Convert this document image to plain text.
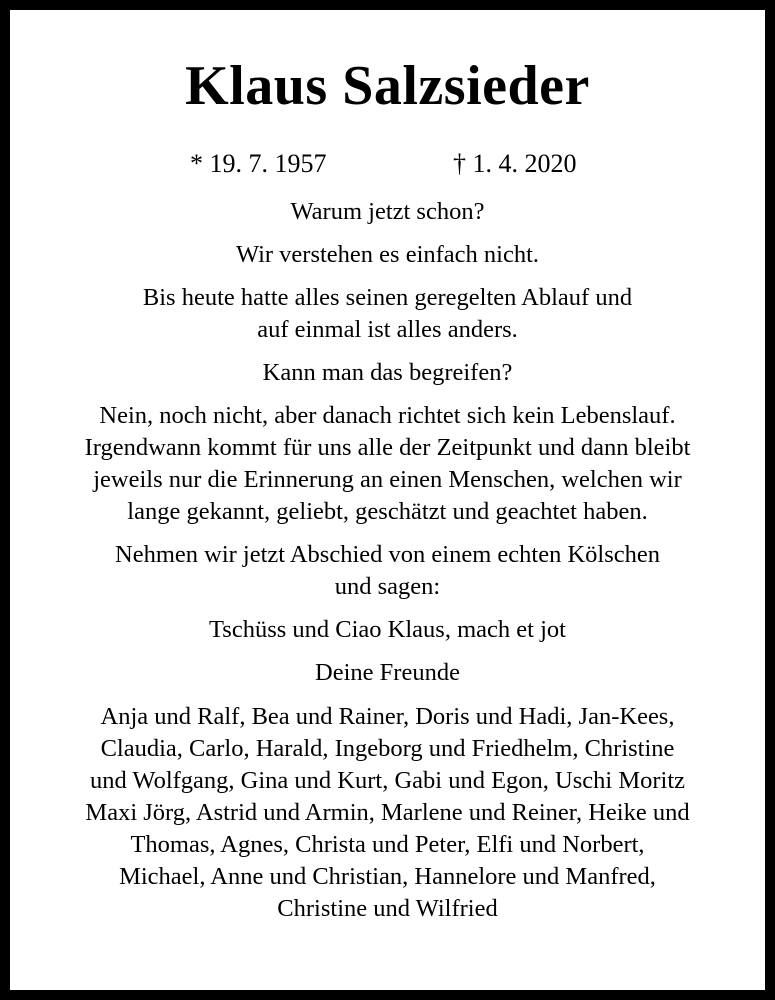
Klaus Salzsieder
* 19. 7. 1957	† 1. 4. 2020

Warum jetzt schon?

Wir verstehen es einfach nicht.

Bis heute hatte alles seinen geregelten Ablauf und
auf einmal ist alles anders.

Kann man das begreifen?

Nein, noch nicht, aber danach richtet sich kein Lebenslauf.
Irgendwann kommt für uns alle der Zeitpunkt und dann bleibt
jeweils nur die Erinnerung an einen Menschen, welchen wir
lange gekannt, geliebt, geschätzt und geachtet haben.

Nehmen wir jetzt Abschied von einem echten Kölschen
und sagen:

Tschüss und Ciao Klaus, mach et jot

Deine Freunde

Anja und Ralf, Bea und Rainer, Doris und Hadi, Jan-Kees,
Claudia, Carlo, Harald, Ingeborg und Friedhelm, Christine
und Wolfgang, Gina und Kurt, Gabi und Egon, Uschi Moritz
Maxi Jörg, Astrid und Armin, Marlene und Reiner, Heike und
Thomas, Agnes, Christa und Peter, Elfi und Norbert,
Michael, Anne und Christian, Hannelore und Manfred,
Christine und Wilfried
